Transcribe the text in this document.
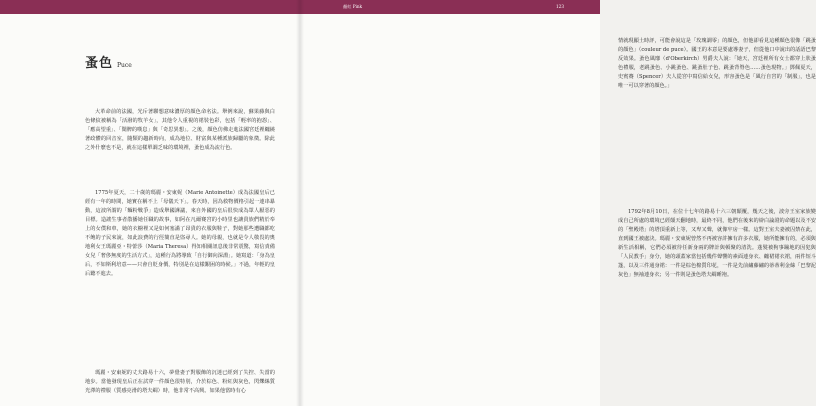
蚤色 Puce

大革命前的法國，光斥著聯想意味濃厚的顏色命名法。舉例來說，蘇果藤與白色條紋被稱為「活潑的牧羊女」，其他令人重視的裙裝色彩，包括「輕率的抱怨」、「應高望重」、「鬧脾的嘆息」與「奇思異想」。之後，顏色仿佛走進法國宮廷裡纏繞著政體的回音室，隨類的趨新時向，成為地位、財富與某種派族歸屬的象徵。除此之外什麼也不是，就在這樣單調乏味的環境裡，蚤色成為流行色。

1775年夏天，二十歲的瑪麗・安東妮（Marie Antoinette）成為法國皇后已經有一年的時間，她實在稱不上「母儀天下」。春天時，因為救物價格引起一連串暴動，這波所謂的「麵粉戰爭」造成舉國譁議，來自外國的皇后很快成為眾人厭惡的目標。造謠生事者散播她任職的故事，如阿在凡爾賽宮的小時里也讓貴族們精於奉上的女僕和車，她的衣櫥裡又是如何塞滿了昂貴的衣服與鞋子，對她那些遭職都吃不飽的子民來說，如此浪費的行徑簡直是盜尋人。她的母親，也就是令人敬畏的奧地利女王瑪麗亞・特蕾莎（Maria Theresa）得知相關訊息後非常震驚，寫信責備女兒「奢侈無度的生活方式」，這種行為將導致「自行御向深淵」。她寫道：「身為皇后，不如斯利培意——只會自貶身價，特別是在這樣艱困的時候。」不過，年輕的皇后聽不進去。

瑪麗・安東妮的丈夫路易十六，夢覺妻子對服飾的沉迷已經到了失控、失當的地步。當他發現皇后正在試穿一件顏色很特別，介於棕色、粉紅與灰色，閃爍絲質光澤的禮服（質感亮滑的塔夫綢）時，他非常不高興。如果他當時有心

顏紅 Pink	123

情就現顯土時評，可能會說這是「玫瑰調零」的顏色，但他卻看見這種顏色很像「跳蚤的顏色」（couleur de puce）。國王的本意是要處導妻子，但從他口中說出的話語巴黎反效果。蚤色風靡（d'Oberkirch）男爵夫人說：「她天，宮廷裡所有女士都穿上狀蚤色禮服，老跳蚤色、小跳蚤色、跳蚤肚子色、跳蚤背脊色……蚤色現物。」鄧佩夏天，史賓賽（Spencer）夫人從宮中寫信給女兒，形容蚤色是「風行自宮的「制服」，也是唯一可以穿著的顏色。」

1792年8月10日，在位十七年的路易十六三朝顛覆，幾天之後，波旁王室家族變成自己所處的環境已經顛天翻地時，最終不同，他們在後來的辯白論證的命題以及不安的「聖殿塔」的塔頂重新上等，又卑又聲，就像牢房一樣。這對王室夫妻被囚禁在此，直到國王被處決。瑪麗・安東妮曾然不再被容許擁有許多衣服，她所能擁有的，必須與新生活相稱，它們必須被待任新身兩的牌計與頓聚的清洗。蓬髮被狗事蹦地的因犯與「人民教手」身分，她的頭蓋家當包括幾件聲響的素面連身衣、纏裙裙衣裙，兩件短斗篷，以及三件通身裙：一件是棕色棉質印花，一件是先前繡藤繡的蒂蒂利金絲「巴黎泥灰色」無袖連身衣；另一件則是蚤色塔夫綢睡袍。
